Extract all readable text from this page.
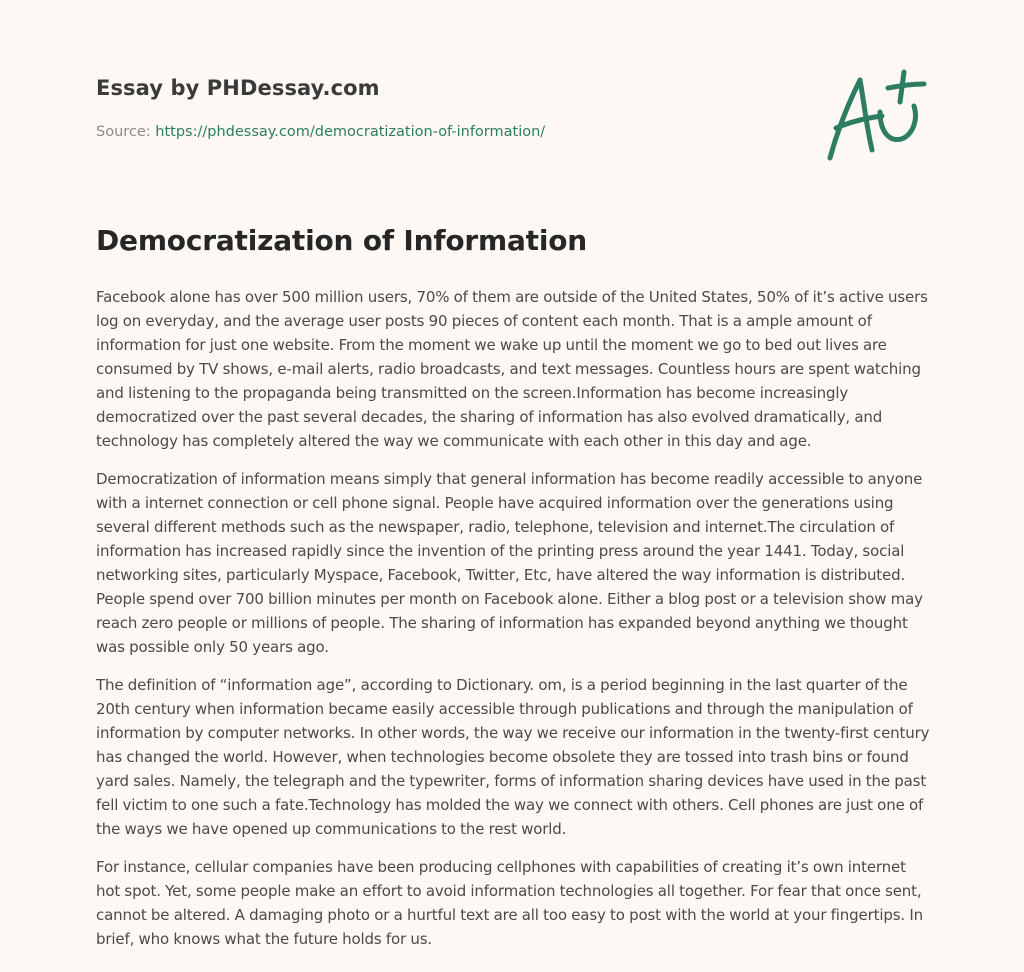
Essay by PHDessay.com
Source: https://phdessay.com/democratization-of-information/
Democratization of Information

Facebook alone has over 500 million users, 70% of them are outside of the United States, 50% of it’s active users log on everyday, and the average user posts 90 pieces of content each month. That is a ample amount of information for just one website. From the moment we wake up until the moment we go to bed out lives are consumed by TV shows, e-mail alerts, radio broadcasts, and text messages. Countless hours are spent watching and listening to the propaganda being transmitted on the screen.Information has become increasingly democratized over the past several decades, the sharing of information has also evolved dramatically, and technology has completely altered the way we communicate with each other in this day and age.

Democratization of information means simply that general information has become readily accessible to anyone with a internet connection or cell phone signal. People have acquired information over the generations using several different methods such as the newspaper, radio, telephone, television and internet.The circulation of information has increased rapidly since the invention of the printing press around the year 1441. Today, social networking sites, particularly Myspace, Facebook, Twitter, Etc, have altered the way information is distributed. People spend over 700 billion minutes per month on Facebook alone. Either a blog post or a television show may reach zero people or millions of people. The sharing of information has expanded beyond anything we thought was possible only 50 years ago.

The definition of “information age”, according to Dictionary. om, is a period beginning in the last quarter of the 20th century when information became easily accessible through publications and through the manipulation of information by computer networks. In other words, the way we receive our information in the twenty-first century has changed the world. However, when technologies become obsolete they are tossed into trash bins or found yard sales. Namely, the telegraph and the typewriter, forms of information sharing devices have used in the past fell victim to one such a fate.Technology has molded the way we connect with others. Cell phones are just one of the ways we have opened up communications to the rest world.

For instance, cellular companies have been producing cellphones with capabilities of creating it’s own internet hot spot. Yet, some people make an effort to avoid information technologies all together. For fear that once sent, cannot be altered. A damaging photo or a hurtful text are all too easy to post with the world at your fingertips. In brief, who knows what the future holds for us.
